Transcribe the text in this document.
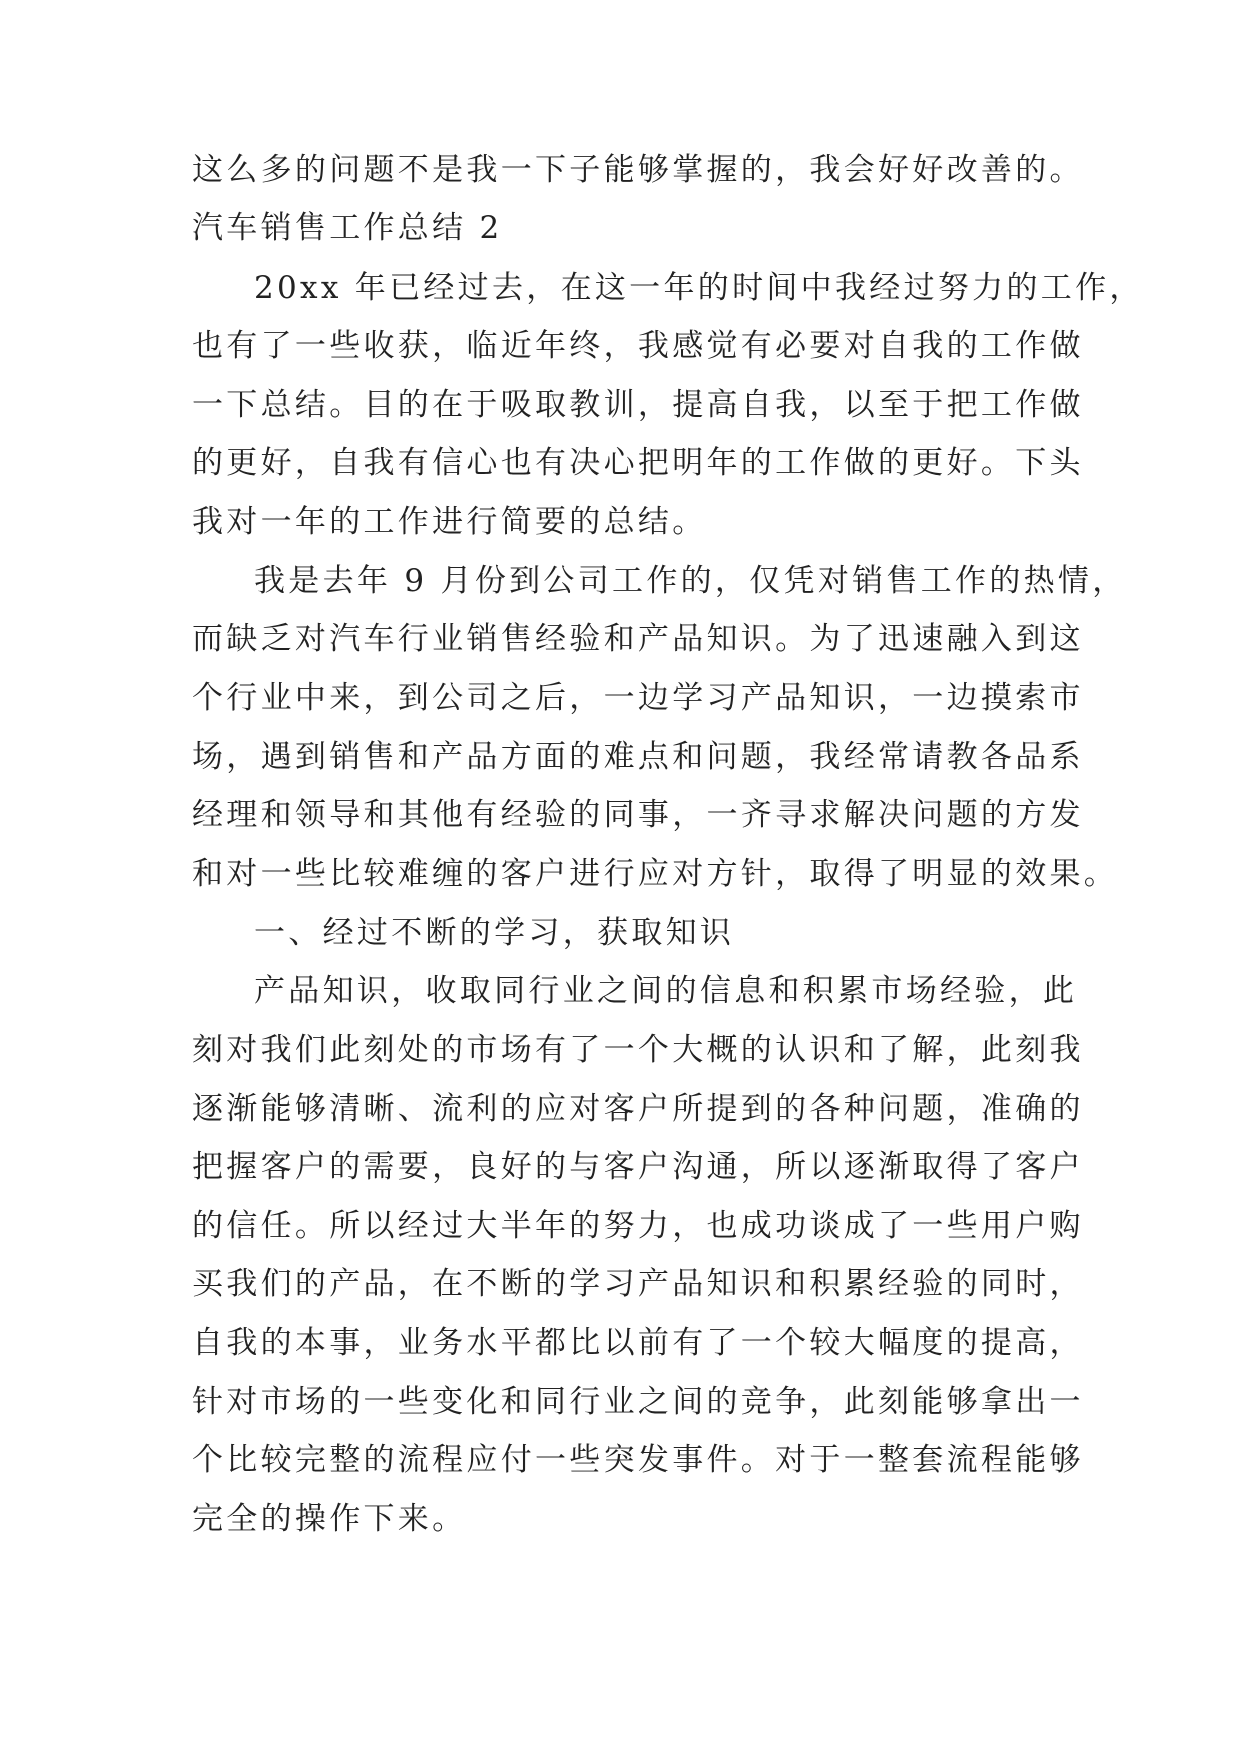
这么多的问题不是我一下子能够掌握的，我会好好改善的。
汽车销售工作总结 2
20xx 年已经过去，在这一年的时间中我经过努力的工作，
也有了一些收获，临近年终，我感觉有必要对自我的工作做
一下总结。目的在于吸取教训，提高自我，以至于把工作做
的更好，自我有信心也有决心把明年的工作做的更好。下头
我对一年的工作进行简要的总结。
我是去年 9 月份到公司工作的，仅凭对销售工作的热情，
而缺乏对汽车行业销售经验和产品知识。为了迅速融入到这
个行业中来，到公司之后，一边学习产品知识，一边摸索市
场，遇到销售和产品方面的难点和问题，我经常请教各品系
经理和领导和其他有经验的同事，一齐寻求解决问题的方发
和对一些比较难缠的客户进行应对方针，取得了明显的效果。
一、经过不断的学习，获取知识
产品知识，收取同行业之间的信息和积累市场经验，此
刻对我们此刻处的市场有了一个大概的认识和了解，此刻我
逐渐能够清晰、流利的应对客户所提到的各种问题，准确的
把握客户的需要，良好的与客户沟通，所以逐渐取得了客户
的信任。所以经过大半年的努力，也成功谈成了一些用户购
买我们的产品，在不断的学习产品知识和积累经验的同时，
自我的本事，业务水平都比以前有了一个较大幅度的提高，
针对市场的一些变化和同行业之间的竞争，此刻能够拿出一
个比较完整的流程应付一些突发事件。对于一整套流程能够
完全的操作下来。
